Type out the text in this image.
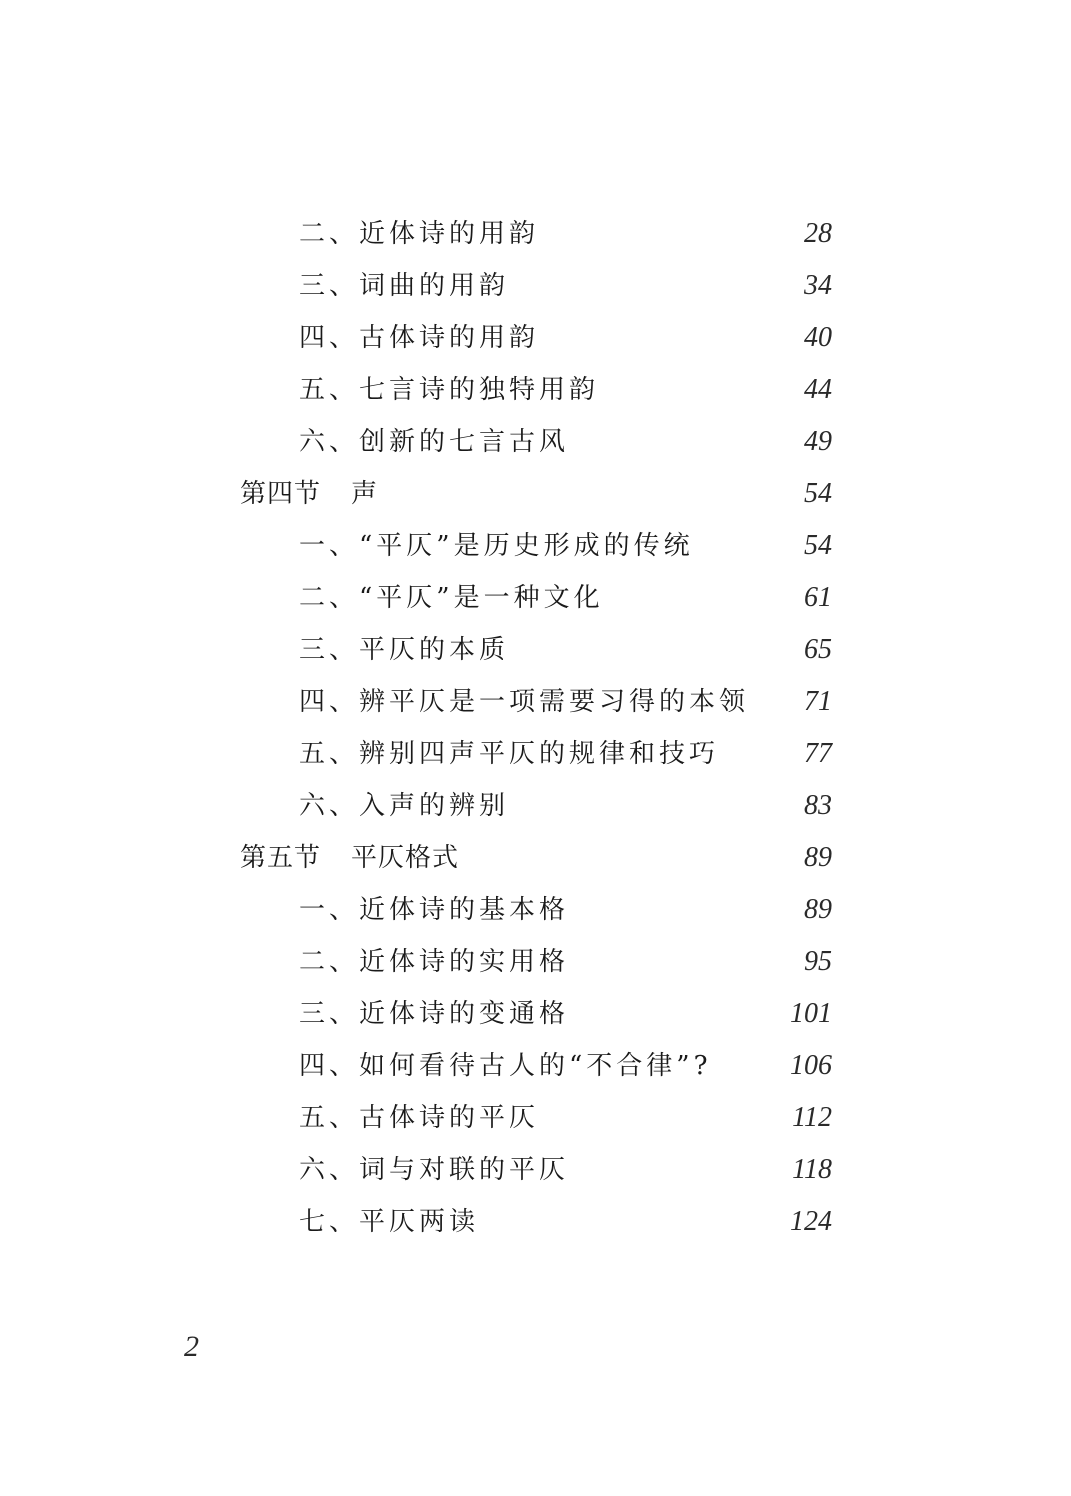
二、近体诗的用韵	28
三、词曲的用韵	34
四、古体诗的用韵	40
五、七言诗的独特用韵	44
六、创新的七言古风	49
第四节 声	54
一、“平仄”是历史形成的传统	54
二、“平仄”是一种文化	61
三、平仄的本质	65
四、辨平仄是一项需要习得的本领 71
五、辨别四声平仄的规律和技巧	77
六、入声的辨别	83
第五节 平仄格式	89
一、近体诗的基本格	89
二、近体诗的实用格	95
三、近体诗的变通格	101
四、如何看待古人的“不合律”?	106
五、古体诗的平仄	112
六、词与对联的平仄	118
七、平仄两读	124
2
